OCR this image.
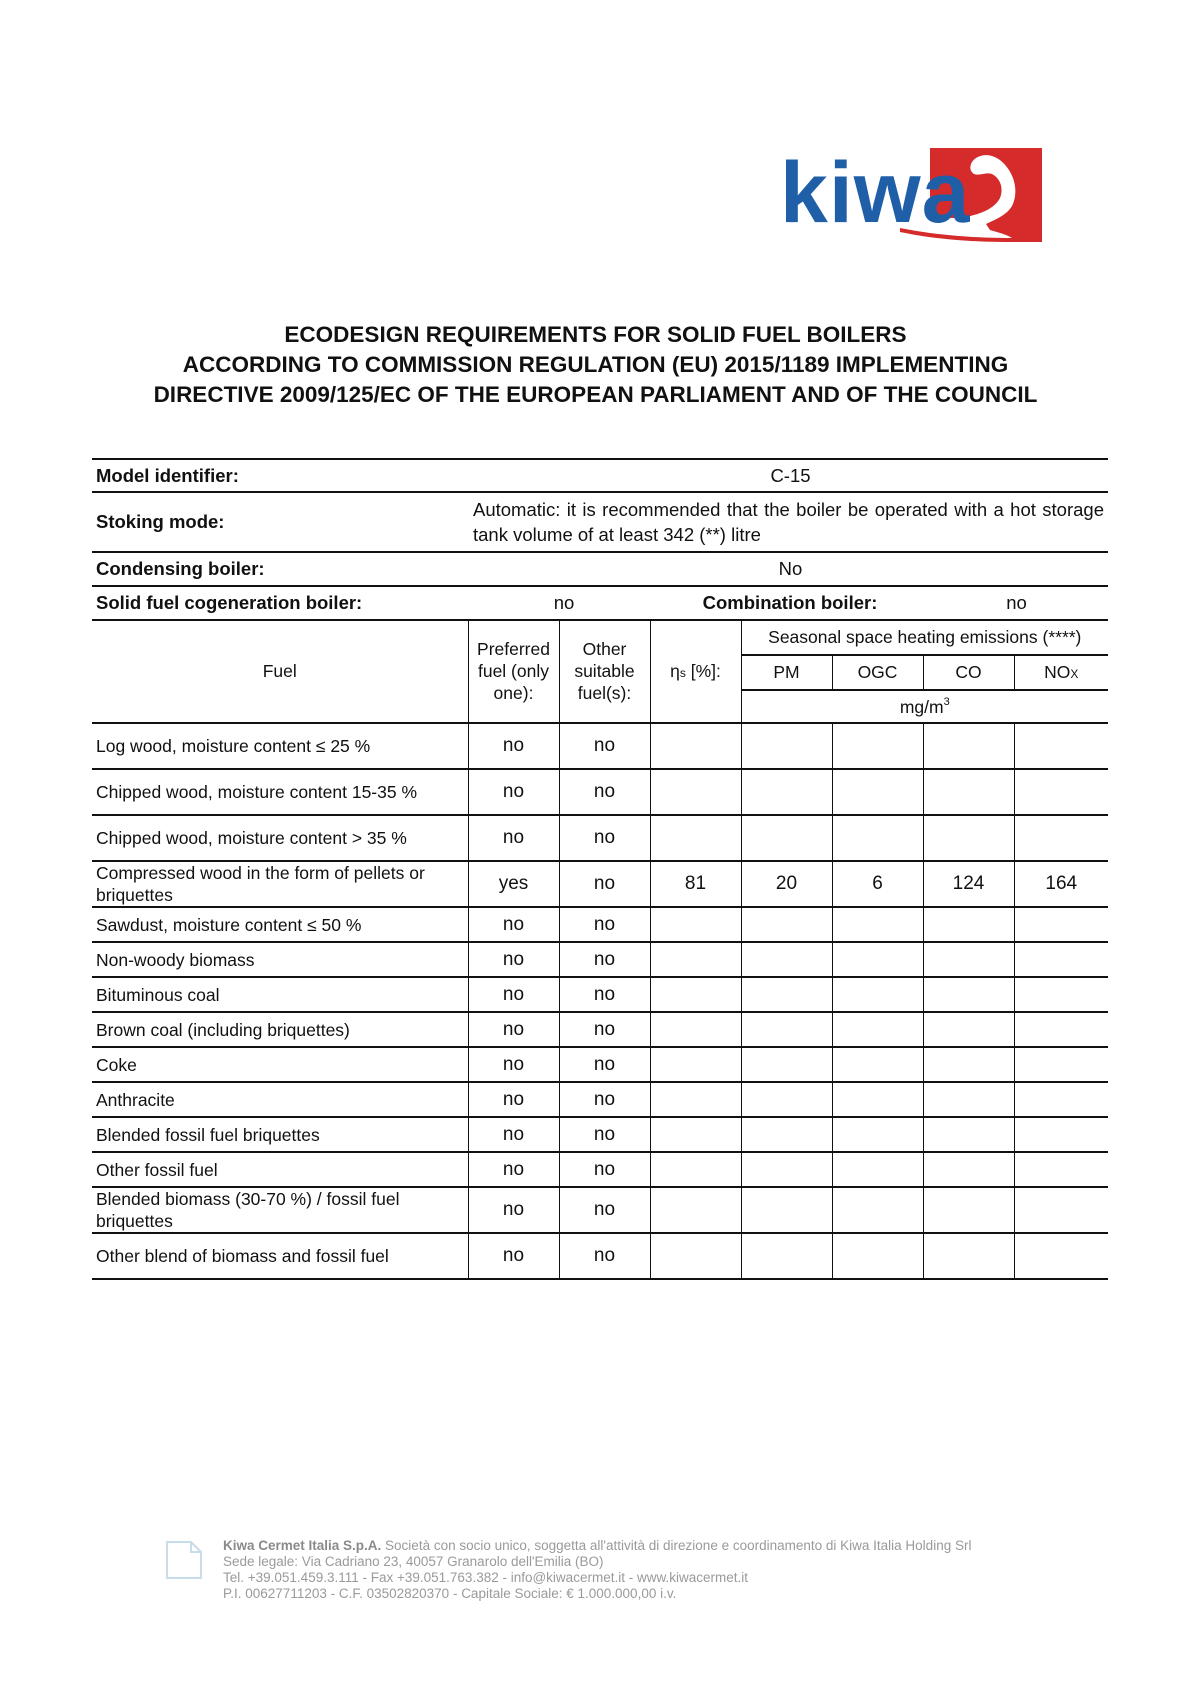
kiwa
ECODESIGN REQUIREMENTS FOR SOLID FUEL BOILERS
ACCORDING TO COMMISSION REGULATION (EU) 2015/1189 IMPLEMENTING
DIRECTIVE 2009/125/EC OF THE EUROPEAN PARLIAMENT AND OF THE COUNCIL
Model identifier:	C-15
Stoking mode:
Automatic: it is recommended that the boiler be operated with a hot storage tank volume of at least 342 (**) litre
Condensing boiler:	No
Solid fuel cogeneration boiler:	no	Combination boiler:	no
Fuel	Preferred fuel (only one):	Other suitable fuel(s):	ηs [%]:	Seasonal space heating emissions (****)			
				PM	OGC	CO	NOX
				$mg/m^3$
Log wood, moisture content ≤ 25 %	no	no					
Chipped wood, moisture content 15-35 %	no	no					
Chipped wood, moisture content > 35 %	no	no					
Compressed wood in the form of pellets or briquettes	yes	no	81	20	6	124	164
Sawdust, moisture content ≤ 50 %	no	no					
Non-woody biomass	no	no					
Bituminous coal	no	no					
Brown coal (including briquettes)	no	no					
Coke	no	no					
Anthracite	no	no					
Blended fossil fuel briquettes	no	no					
Other fossil fuel	no	no					
Blended biomass (30-70 %) / fossil fuel briquettes	no	no					
Other blend of biomass and fossil fuel	no	no					
Kiwa Cermet Italia S.p.A. Società con socio unico, soggetta all'attività di direzione e coordinamento di Kiwa Italia Holding Srl
Sede legale: Via Cadriano 23, 40057 Granarolo dell'Emilia (BO)
Tel. +39.051.459.3.111 - Fax +39.051.763.382 - info@kiwacermet.it - www.kiwacermet.it
P.I. 00627711203 - C.F. 03502820370 - Capitale Sociale: € 1.000.000,00 i.v.
